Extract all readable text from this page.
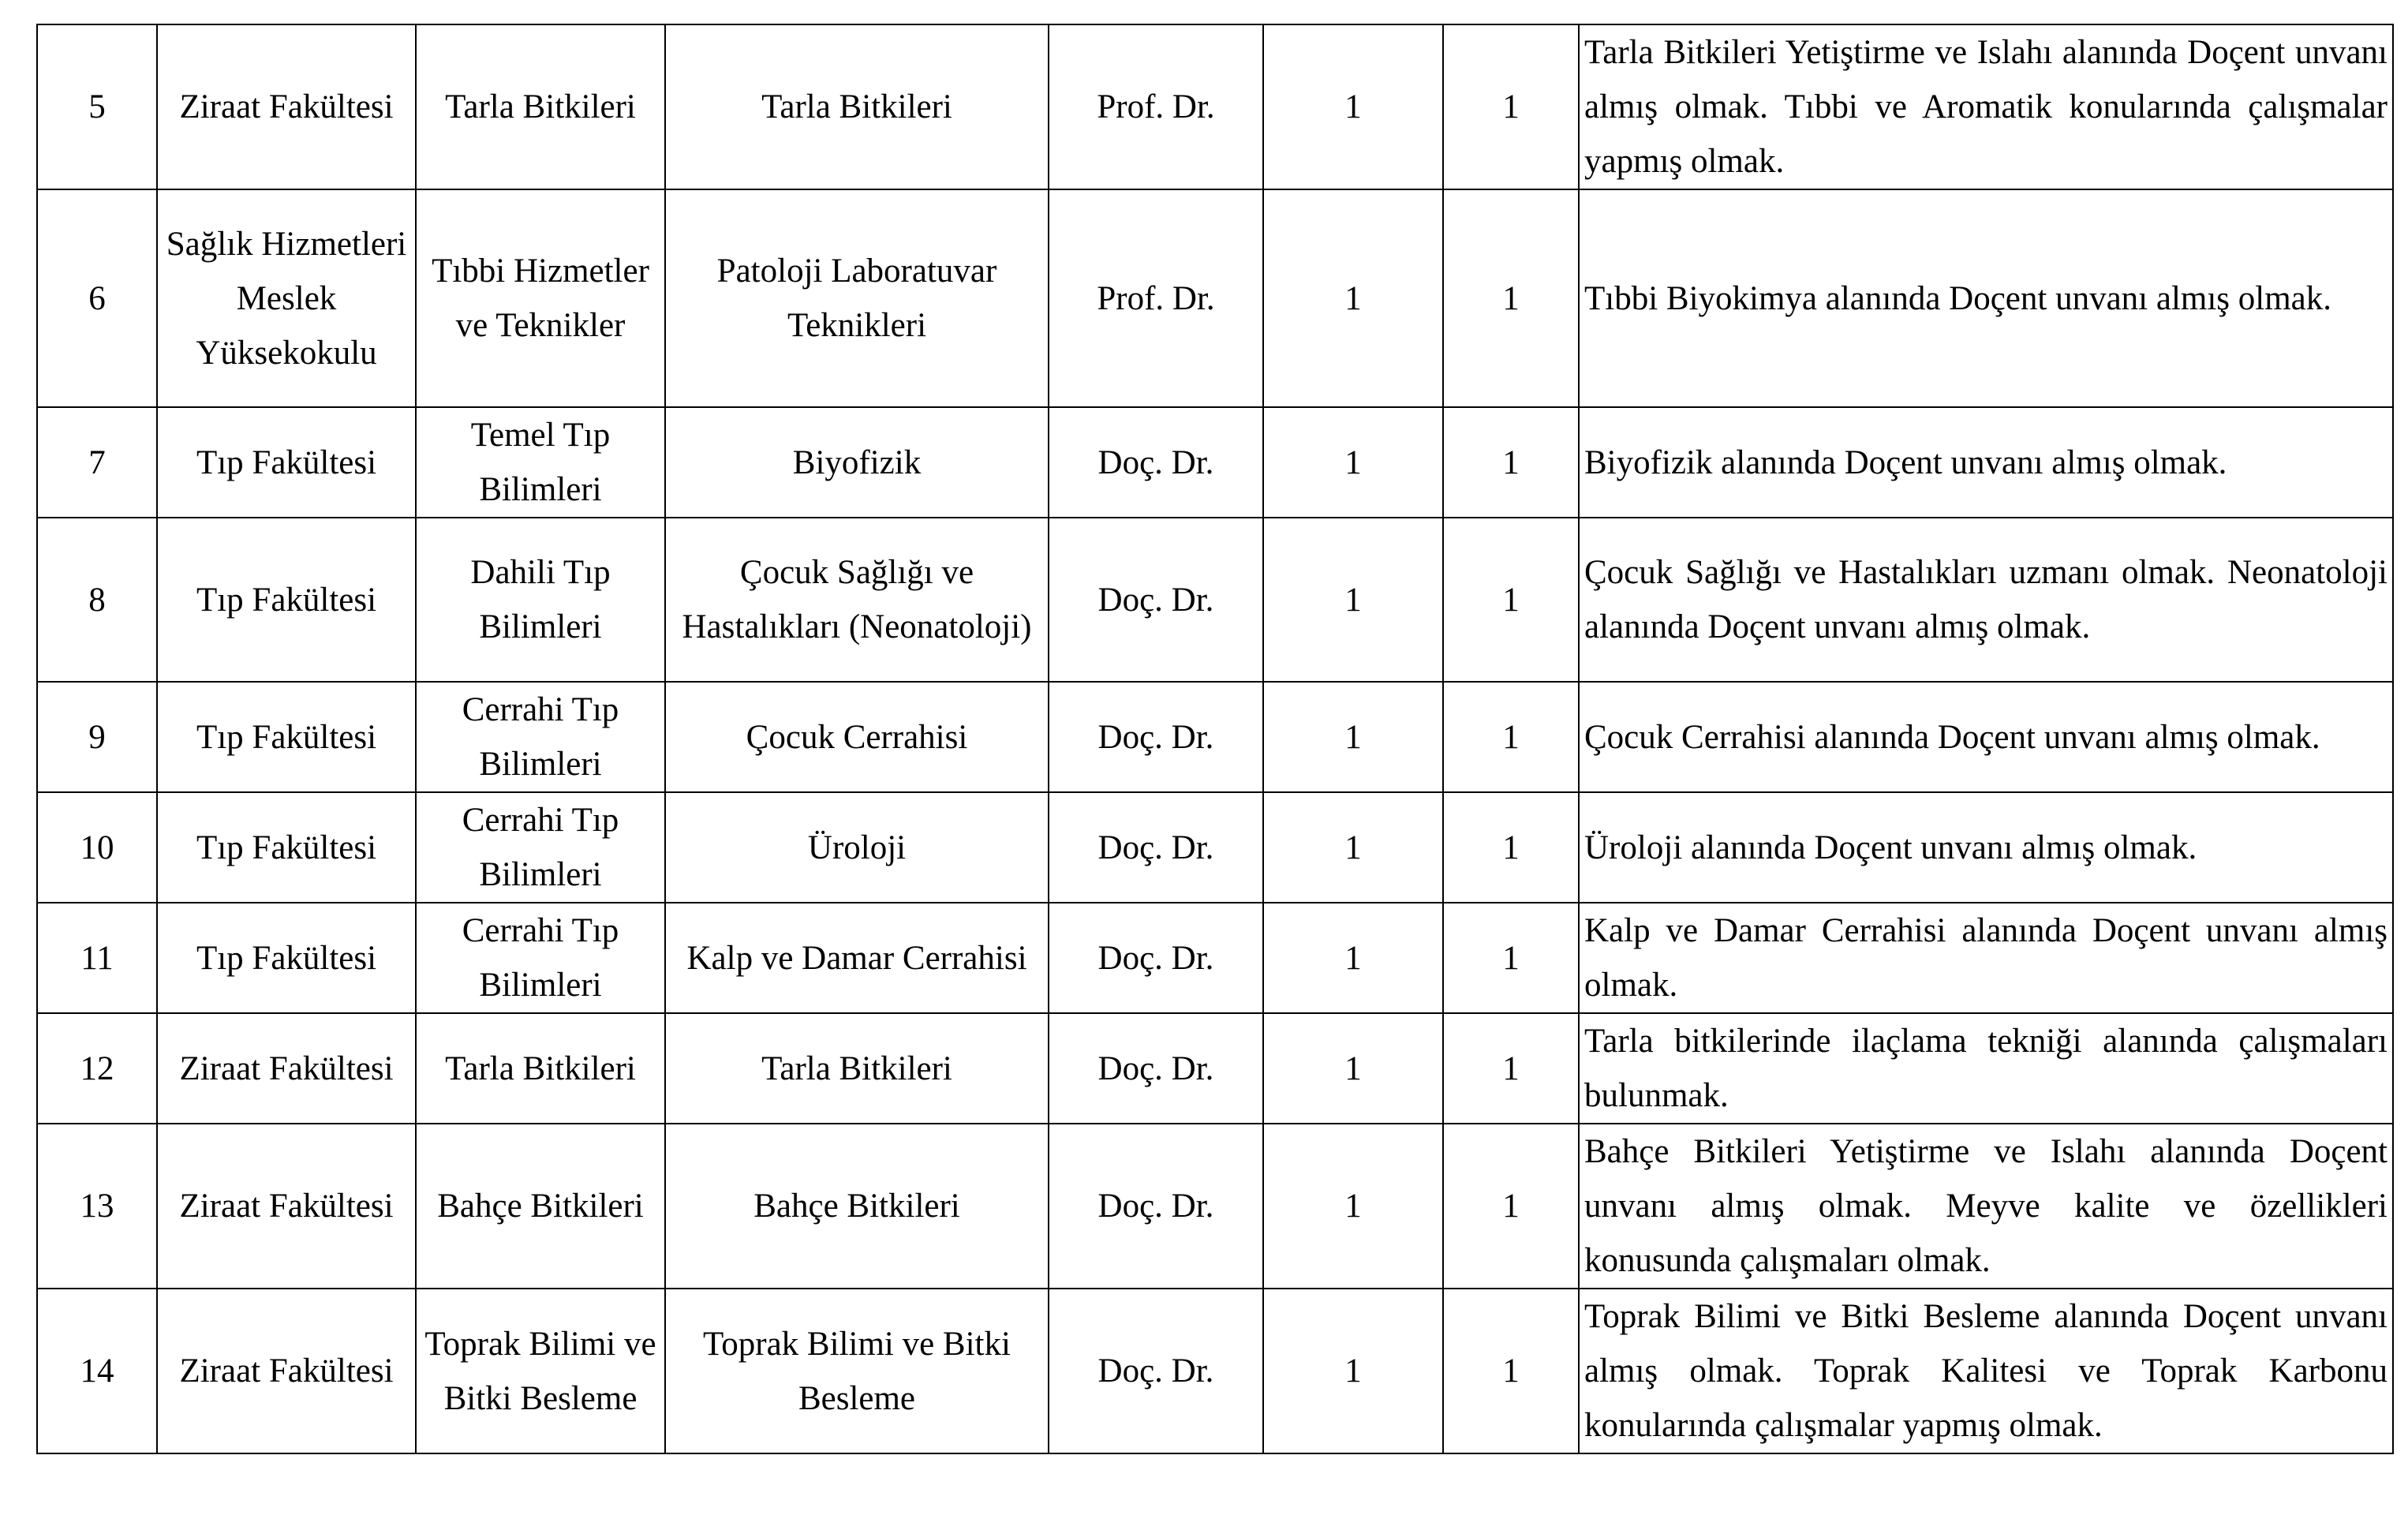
5	Ziraat Fakültesi	Tarla Bitkileri	Tarla Bitkileri	Prof. Dr.	1	1	Tarla Bitkileri Yetiştirme ve Islahı alanında Doçent unvanı almış olmak. Tıbbi ve Aromatik konularında çalışmalar yapmış olmak.
6	Sağlık Hizmetleri Meslek Yüksekokulu	Tıbbi Hizmetler ve Teknikler	Patoloji Laboratuvar Teknikleri	Prof. Dr.	1	1	Tıbbi Biyokimya alanında Doçent unvanı almış olmak.
7	Tıp Fakültesi	Temel Tıp Bilimleri	Biyofizik	Doç. Dr.	1	1	Biyofizik alanında Doçent unvanı almış olmak.
8	Tıp Fakültesi	Dahili Tıp Bilimleri	Çocuk Sağlığı ve Hastalıkları (Neonatoloji)	Doç. Dr.	1	1	Çocuk Sağlığı ve Hastalıkları uzmanı olmak. Neonatoloji alanında Doçent unvanı almış olmak.
9	Tıp Fakültesi	Cerrahi Tıp Bilimleri	Çocuk Cerrahisi	Doç. Dr.	1	1	Çocuk Cerrahisi alanında Doçent unvanı almış olmak.
10	Tıp Fakültesi	Cerrahi Tıp Bilimleri	Üroloji	Doç. Dr.	1	1	Üroloji alanında Doçent unvanı almış olmak.
11	Tıp Fakültesi	Cerrahi Tıp Bilimleri	Kalp ve Damar Cerrahisi	Doç. Dr.	1	1	Kalp ve Damar Cerrahisi alanında Doçent unvanı almış olmak.
12	Ziraat Fakültesi	Tarla Bitkileri	Tarla Bitkileri	Doç. Dr.	1	1	Tarla bitkilerinde ilaçlama tekniği alanında çalışmaları bulunmak.
13	Ziraat Fakültesi	Bahçe Bitkileri	Bahçe Bitkileri	Doç. Dr.	1	1	Bahçe Bitkileri Yetiştirme ve Islahı alanında Doçent unvanı almış olmak. Meyve kalite ve özellikleri konusunda çalışmaları olmak.
14	Ziraat Fakültesi	Toprak Bilimi ve Bitki Besleme	Toprak Bilimi ve Bitki Besleme	Doç. Dr.	1	1	Toprak Bilimi ve Bitki Besleme alanında Doçent unvanı almış olmak. Toprak Kalitesi ve Toprak Karbonu konularında çalışmalar yapmış olmak.
